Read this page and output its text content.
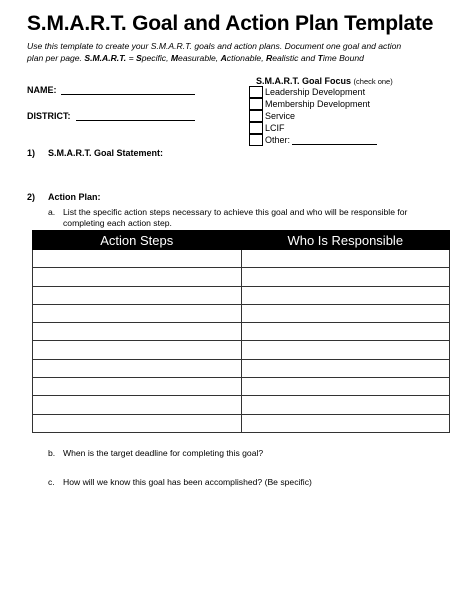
S.M.A.R.T. Goal and Action Plan Template
Use this template to create your S.M.A.R.T. goals and action plans. Document one goal and action
plan per page. S.M.A.R.T. = Specific, Measurable, Actionable, Realistic and Time Bound
NAME:
DISTRICT:
S.M.A.R.T. Goal Focus (check one)
Leadership Development
Membership Development
Service
LCIF
Other:
1) S.M.A.R.T. Goal Statement:
2) Action Plan:
a. List the specific action steps necessary to achieve this goal and who will be responsible for
completing each action step.
Action Steps	Who Is Responsible

b. When is the target deadline for completing this goal?
c. How will we know this goal has been accomplished? (Be specific)
